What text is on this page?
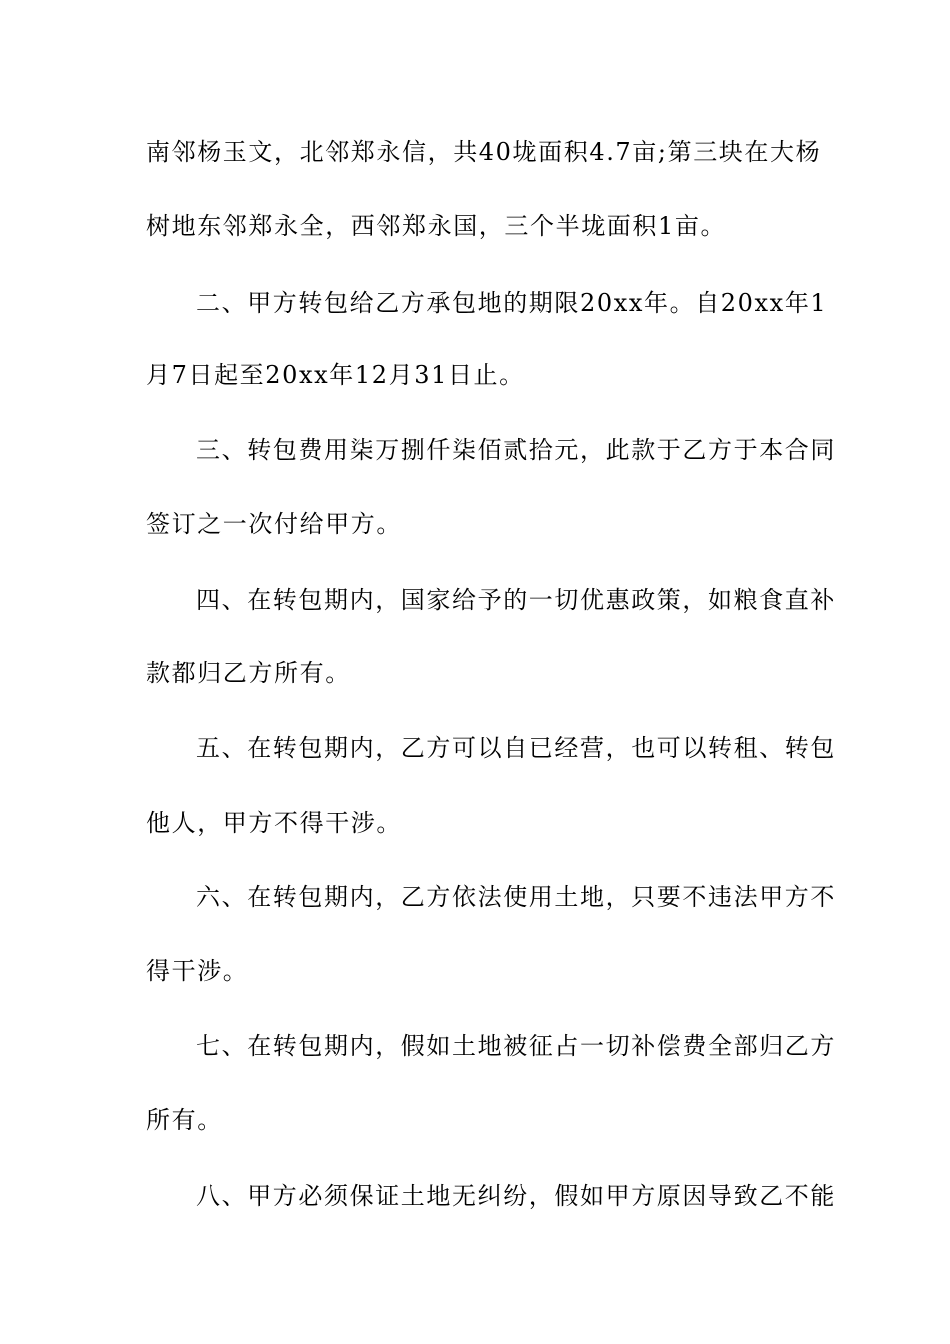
南邻杨玉文，北邻郑永信，共40垅面积4.7亩;第三块在大杨
树地东邻郑永全，西邻郑永国，三个半垅面积1亩。
二、甲方转包给乙方承包地的期限20xx年。自20xx年1
月7日起至20xx年12月31日止。
三、转包费用柒万捌仟柒佰贰拾元，此款于乙方于本合同
签订之一次付给甲方。
四、在转包期内，国家给予的一切优惠政策，如粮食直补
款都归乙方所有。
五、在转包期内，乙方可以自已经营，也可以转租、转包
他人，甲方不得干涉。
六、在转包期内，乙方依法使用土地，只要不违法甲方不
得干涉。
七、在转包期内，假如土地被征占一切补偿费全部归乙方
所有。
八、甲方必须保证土地无纠纷，假如甲方原因导致乙不能
